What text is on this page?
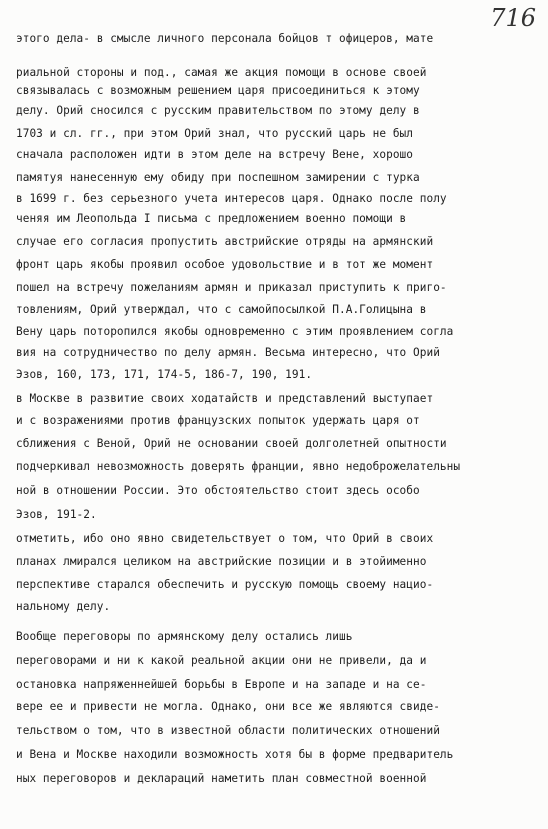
716
этого дела- в смысле личного персонала бойцов т офицеров, мате
риальной стороны и под., самая же акция помощи в основе своей
связывалась с возможным решением царя присоединиться к этому
делу. Орий сносился с русским правительством по этому делу в
1703 и сл. гг., при этом Орий знал, что русский царь не был
сначала расположен идти в этом деле на встречу Вене, хорошо
памятуя нанесенную ему обиду при поспешном замирении с турка
в 1699 г. без серьезного учета интересов царя. Однако после полу
ченяя им Леопольда I письма с предложением военно помощи в
случае его согласия пропустить австрийские отряды на армянский
фронт царь якобы проявил особое удовольствие и в тот же момент
пошел на встречу пожеланиям армян и приказал приступить к приго-
товлениям, Орий утверждал, что с самойпосылкой П.А.Голицына в
Вену царь поторопился якобы одновременно с этим проявлением согла
вия на сотрудничество по делу армян. Весьма интересно, что Орий
Эзов, 160, 173, 171, 174-5, 186-7, 190, 191.
в Москве в развитие своих ходатайств и представлений выступает
и с возражениями против французских попыток удержать царя от
сближения с Веной, Орий не основании своей долголетней опытности
подчеркивал невозможность доверять франции, явно недоброжелательны
ной в отношении России. Это обстоятельство стоит здесь особо
Эзов, 191-2.
отметить, ибо оно явно свидетельствует о том, что Орий в своих
планах лмирался целиком на австрийские позиции и в этойименно
перспективе старался обеспечить и русскую помощь своему нацио-
нальному делу.
Вообще переговоры по армянскому делу остались лишь
переговорами и ни к какой реальной акции они не привели, да и
остановка напряженнейшей борьбы в Европе и на западе и на се-
вере ее и привести не могла. Однако, они все же являются свиде-
тельством о том, что в известной области политических отношений
и Вена и Москве находили возможность хотя бы в форме предваритель
ных переговоров и деклараций наметить план совместной военной
